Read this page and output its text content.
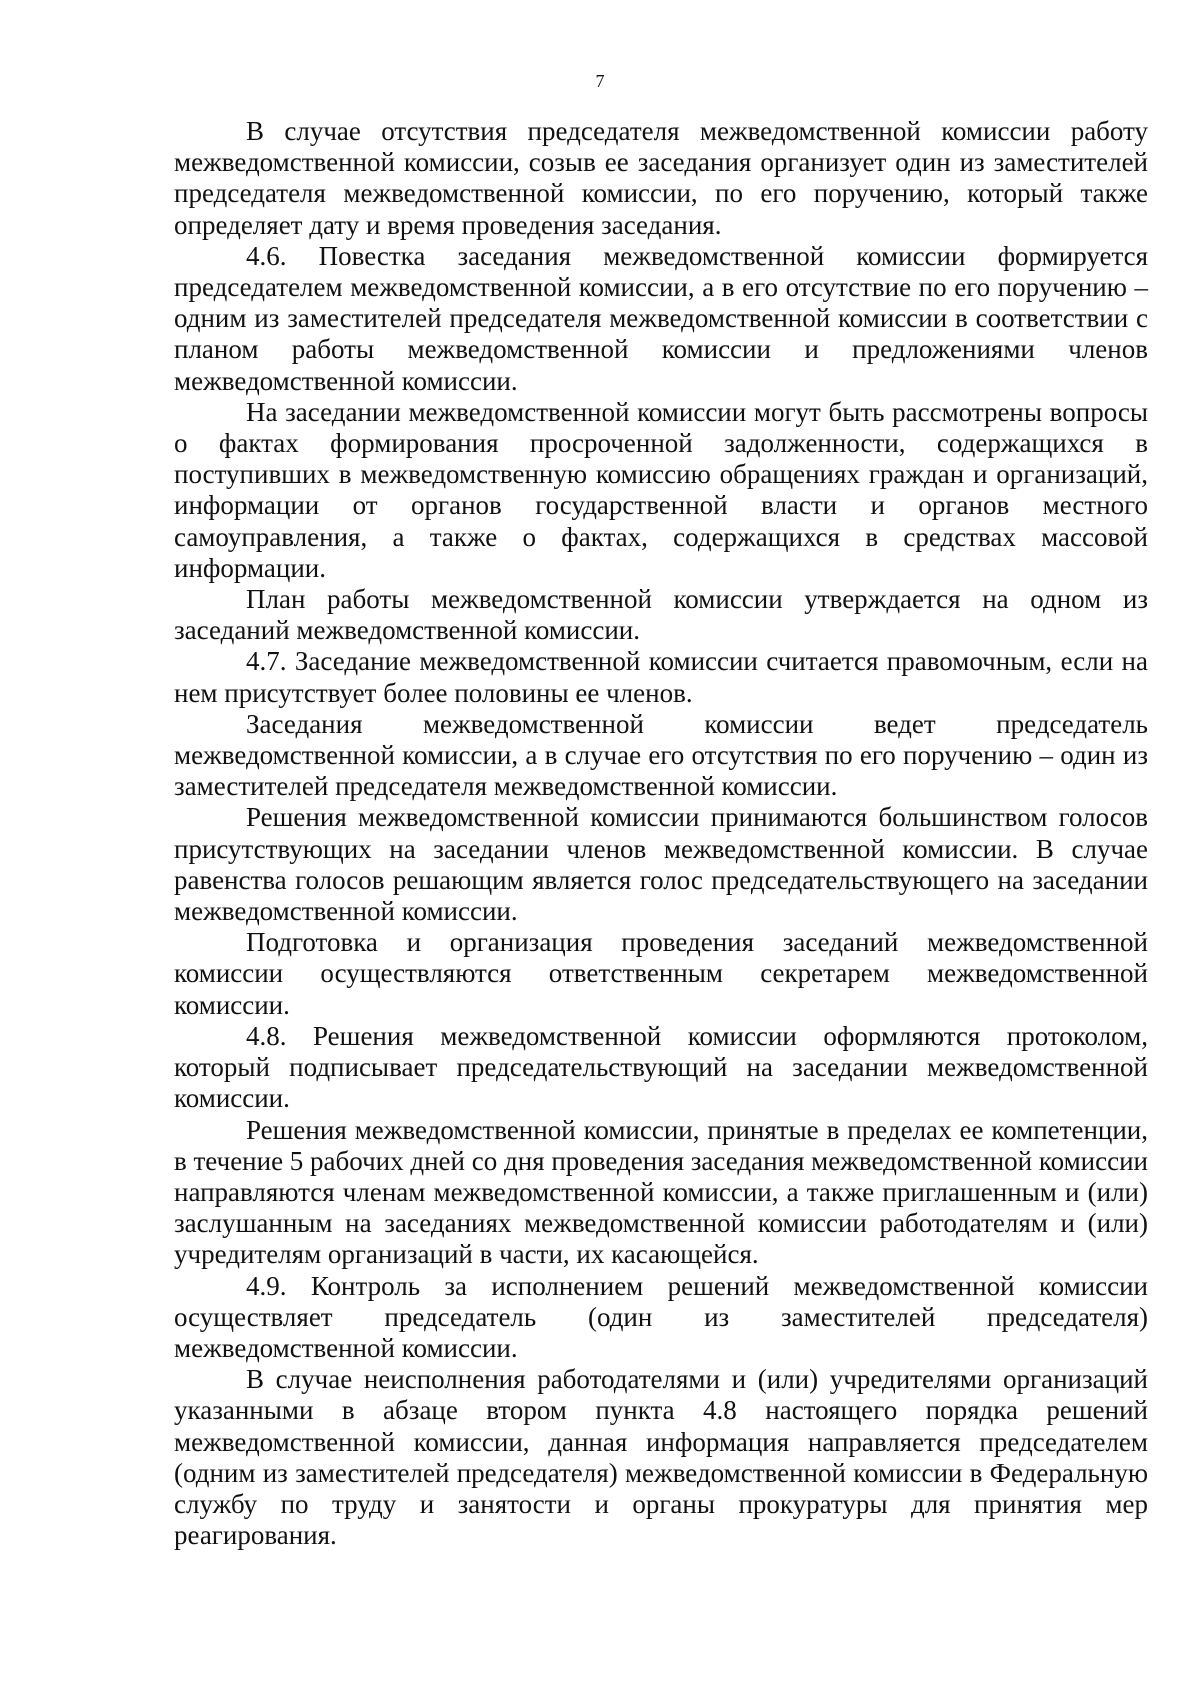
7

В случае отсутствия председателя межведомственной комиссии работу межведомственной комиссии, созыв ее заседания организует один из заместителей председателя межведомственной комиссии, по его поручению, который также определяет дату и время проведения заседания.

4.6. Повестка заседания межведомственной комиссии формируется председателем межведомственной комиссии, а в его отсутствие по его поручению – одним из заместителей председателя межведомственной комиссии в соответствии с планом работы межведомственной комиссии и предложениями членов межведомственной комиссии.

На заседании межведомственной комиссии могут быть рассмотрены вопросы о фактах формирования просроченной задолженности, содержащихся в поступивших в межведомственную комиссию обращениях граждан и организаций, информации от органов государственной власти и органов местного самоуправления, а также о фактах, содержащихся в средствах массовой информации.

План работы межведомственной комиссии утверждается на одном из заседаний межведомственной комиссии.

4.7. Заседание межведомственной комиссии считается правомочным, если на нем присутствует более половины ее членов.

Заседания межведомственной комиссии ведет председатель межведомственной комиссии, а в случае его отсутствия по его поручению – один из заместителей председателя межведомственной комиссии.

Решения межведомственной комиссии принимаются большинством голосов присутствующих на заседании членов межведомственной комиссии. В случае равенства голосов решающим является голос председательствующего на заседании межведомственной комиссии.

Подготовка и организация проведения заседаний межведомственной комиссии осуществляются ответственным секретарем межведомственной комиссии.

4.8. Решения межведомственной комиссии оформляются протоколом, который подписывает председательствующий на заседании межведомственной комиссии.

Решения межведомственной комиссии, принятые в пределах ее компетенции, в течение 5 рабочих дней со дня проведения заседания межведомственной комиссии направляются членам межведомственной комиссии, а также приглашенным и (или) заслушанным на заседаниях межведомственной комиссии работодателям и (или) учредителям организаций в части, их касающейся.

4.9. Контроль за исполнением решений межведомственной комиссии осуществляет председатель (один из заместителей председателя) межведомственной комиссии.

В случае неисполнения работодателями и (или) учредителями организаций указанными в абзаце втором пункта 4.8 настоящего порядка решений межведомственной комиссии, данная информация направляется председателем (одним из заместителей председателя) межведомственной комиссии в Федеральную службу по труду и занятости и органы прокуратуры для принятия мер реагирования.
